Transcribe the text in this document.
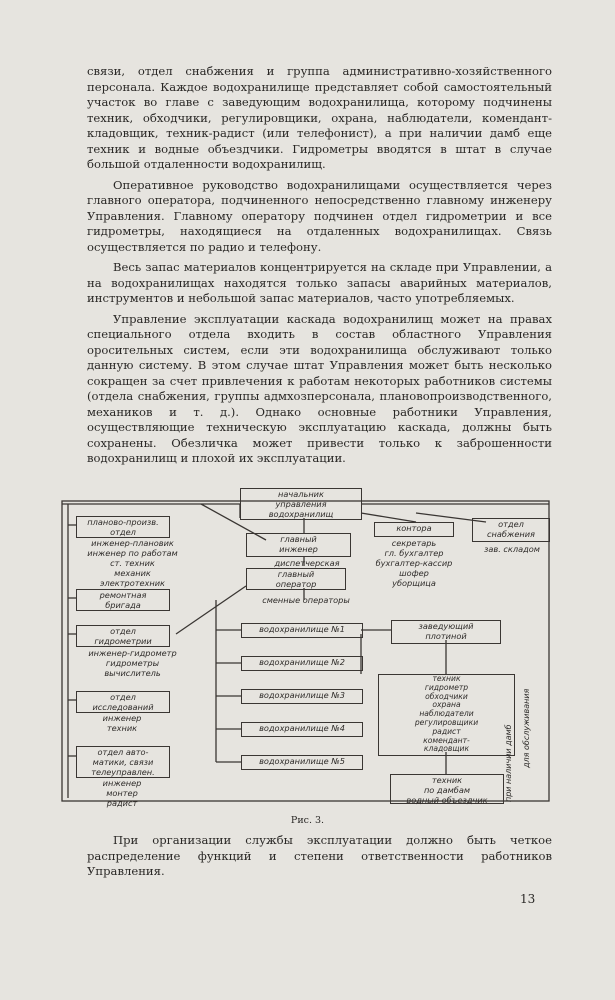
связи, отдел снабжения и группа административно-хозяйственного персонала. Каждое водохранилище представляет собой самостоятельный участок во главе с заведующим водохранилища, которому подчинены техник, обходчики, регулировщики, охрана, наблюдатели, комендант-кладовщик, техник-радист (или телефонист), а при наличии дамб еще техник и водные объездчики. Гидрометры вводятся в штат в случае большой отдаленности водохранилищ.

Оперативное руководство водохранилищами осуществляется через главного оператора, подчиненного непосредственно главному инженеру Управления. Главному оператору подчинен отдел гидрометрии и все гидрометры, находящиеся на отдаленных водохранилищах. Связь осуществляется по радио и телефону.

Весь запас материалов концентрируется на складе при Управлении, а на водохранилищах находятся только запасы аварийных материалов, инструментов и небольшой запас материалов, часто употребляемых.

Управление эксплуатации каскада водохранилищ может на правах специального отдела входить в состав областного Управления оросительных систем, если эти водохранилища обслуживают только данную систему. В этом случае штат Управления может быть несколько сокращен за счет привлечения к работам некоторых работников системы (отдела снабжения, группы адмхозперсонала, плановопроизводственного, механиков и т. д.). Однако основные работники Управления, осуществляющие техническую эксплуатацию каскада, должны быть сохранены. Обезличка может привести только к заброшенности водохранилищ и плохой их эксплуатации.

начальник
управления
водохранилищ
главный
инженер
диспетчерская
главный
оператор
сменные операторы
планово-произв.
отдел
инженер-плановик
инженер по работам
ст. техник
механик
электротехник
ремонтная
бригада
отдел
гидрометрии
инженер-гидрометр
гидрометры
вычислитель
отдел
исследований
инженер
техник
отдел авто-
матики, связи
телеуправлен.
инженер
монтер
радист
контора
секретарь
гл. бухгалтер
бухгалтер-кассир
шофер
уборщица
отдел
снабжения
зав. складом
водохранилище №1
водохранилище №2
водохранилище №3
водохранилище №4
водохранилище №5
заведующий
плотиной
техник
гидрометр
обходчики
охрана
наблюдатели
регулировщики
радист
комендант-
кладовщик
техник
по дамбам
водный объездчик	при наличии дамб для обслуживания
Рис. 3.

При организации службы эксплуатации должно быть четкое распределение функций и степени ответственности работников Управления.

13
